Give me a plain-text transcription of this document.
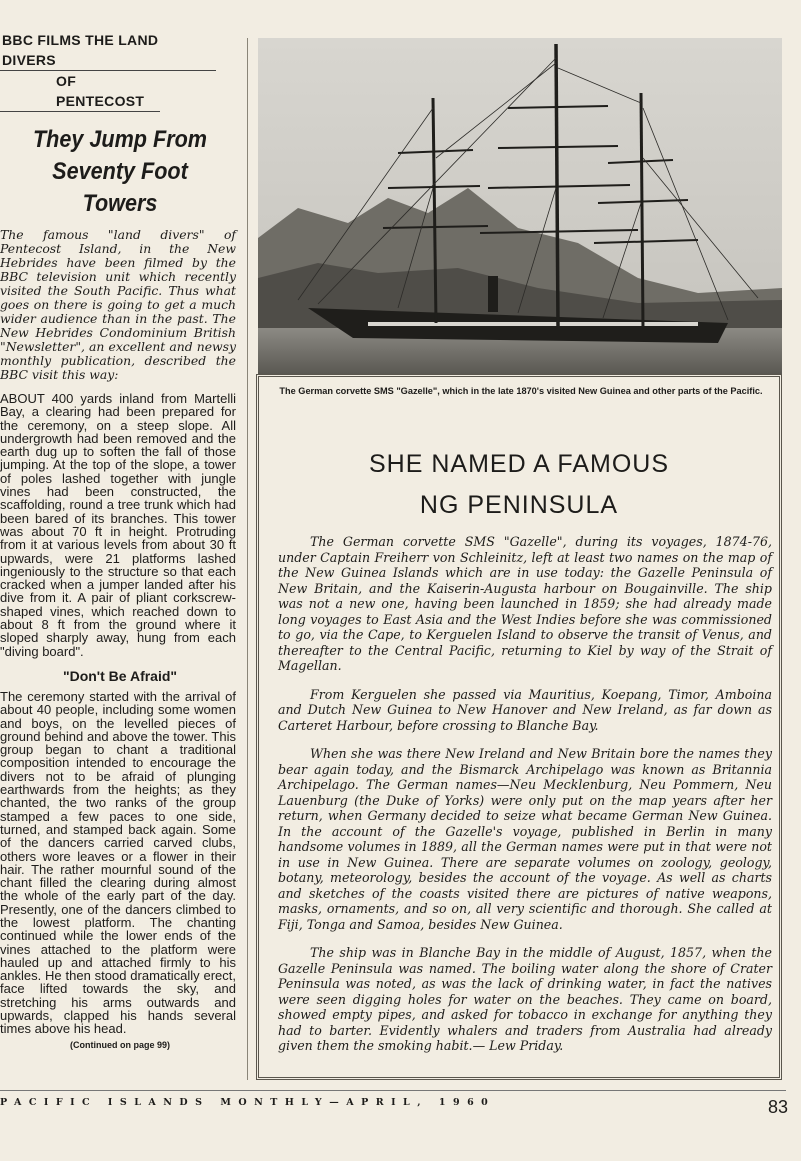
BBC FILMS THE LAND DIVERS
OF PENTECOST
They Jump From
Seventy Foot
Towers

The famous "land divers" of Pentecost Island, in the New Hebrides have been filmed by the BBC television unit which recently visited the South Pacific. Thus what goes on there is going to get a much wider audience than in the past. The New Hebrides Condominium British "Newsletter", an excellent and newsy monthly publication, described the BBC visit this way:

ABOUT 400 yards inland from Martelli Bay, a clearing had been prepared for the ceremony, on a steep slope. All undergrowth had been removed and the earth dug up to soften the fall of those jumping. At the top of the slope, a tower of poles lashed together with jungle vines had been constructed, the scaffolding, round a tree trunk which had been bared of its branches. This tower was about 70 ft in height. Protruding from it at various levels from about 30 ft upwards, were 21 platforms lashed ingeniously to the structure so that each cracked when a jumper landed after his dive from it. A pair of pliant corkscrew-shaped vines, which reached down to about 8 ft from the ground where it sloped sharply away, hung from each "diving board".

"Don't Be Afraid"

The ceremony started with the arrival of about 40 people, including some women and boys, on the levelled pieces of ground behind and above the tower. This group began to chant a traditional composition intended to encourage the divers not to be afraid of plunging earthwards from the heights; as they chanted, the two ranks of the group stamped a few paces to one side, turned, and stamped back again. Some of the dancers carried carved clubs, others wore leaves or a flower in their hair. The rather mournful sound of the chant filled the clearing during almost the whole of the early part of the day. Presently, one of the dancers climbed to the lowest platform. The chanting continued while the lower ends of the vines attached to the platform were hauled up and attached firmly to his ankles. He then stood dramatically erect, face lifted towards the sky, and stretching his arms outwards and upwards, clapped his hands several times above his head.

(Continued on page 99)
The German corvette SMS "Gazelle", which in the late 1870's visited New Guinea and other parts of the Pacific.
SHE NAMED A FAMOUS
NG PENINSULA

The German corvette SMS "Gazelle", during its voyages, 1874-76, under Captain Freiherr von Schleinitz, left at least two names on the map of the New Guinea Islands which are in use today: the Gazelle Peninsula of New Britain, and the Kaiserin-Augusta harbour on Bougainville. The ship was not a new one, having been launched in 1859; she had already made long voyages to East Asia and the West Indies before she was commissioned to go, via the Cape, to Kerguelen Island to observe the transit of Venus, and thereafter to the Central Pacific, returning to Kiel by way of the Strait of Magellan.

From Kerguelen she passed via Mauritius, Koepang, Timor, Amboina and Dutch New Guinea to New Hanover and New Ireland, as far down as Carteret Harbour, before crossing to Blanche Bay.

When she was there New Ireland and New Britain bore the names they bear again today, and the Bismarck Archipelago was known as Britannia Archipelago. The German names—Neu Mecklenburg, Neu Pommern, Neu Lauenburg (the Duke of Yorks) were only put on the map years after her return, when Germany decided to seize what became German New Guinea. In the account of the Gazelle's voyage, published in Berlin in many handsome volumes in 1889, all the German names were put in that were not in use in New Guinea. There are separate volumes on zoology, geology, botany, meteorology, besides the account of the voyage. As well as charts and sketches of the coasts visited there are pictures of native weapons, masks, ornaments, and so on, all very scientific and thorough. She called at Fiji, Tonga and Samoa, besides New Guinea.

The ship was in Blanche Bay in the middle of August, 1857, when the Gazelle Peninsula was named. The boiling water along the shore of Crater Peninsula was noted, as was the lack of drinking water, in fact the natives were seen digging holes for water on the beaches. They came on board, showed empty pipes, and asked for tobacco in exchange for anything they had to barter. Evidently whalers and traders from Australia had already given them the smoking habit.— Lew Priday.

PACIFIC ISLANDS MONTHLY—APRIL, 1960	83
